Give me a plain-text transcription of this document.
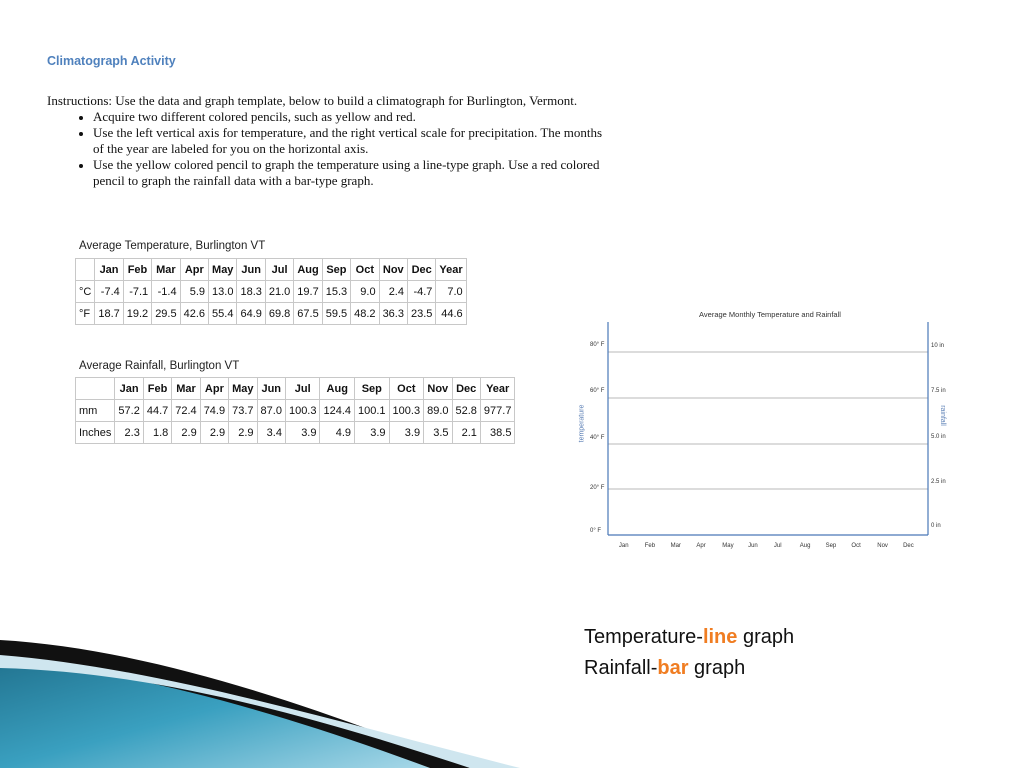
Climatograph Activity
Instructions: Use the data and graph template, below to build a climatograph for Burlington, Vermont.
• Acquire two different colored pencils, such as yellow and red.
• Use the left vertical axis for temperature, and the right vertical scale for precipitation. The months of the year are labeled for you on the horizontal axis.
• Use the yellow colored pencil to graph the temperature using a line-type graph. Use a red colored pencil to graph the rainfall data with a bar-type graph.
Average Temperature, Burlington VT
	Jan	Feb	Mar	Apr	May	Jun	Jul	Aug	Sep	Oct	Nov	Dec	Year
°C	-7.4	-7.1	-1.4	5.9	13.0	18.3	21.0	19.7	15.3	9.0	2.4	-4.7	7.0
°F	18.7	19.2	29.5	42.6	55.4	64.9	69.8	67.5	59.5	48.2	36.3	23.5	44.6
Average Rainfall, Burlington VT
	Jan	Feb	Mar	Apr	May	Jun	Jul	Aug	Sep	Oct	Nov	Dec	Year
mm	57.2	44.7	72.4	74.9	73.7	87.0	100.3	124.4	100.1	100.3	89.0	52.8	977.7
Inches	2.3	1.8	2.9	2.9	2.9	3.4	3.9	4.9	3.9	3.9	3.5	2.1	38.5
Average Monthly Temperature and Rainfall
temperature	rainfall
80° F
60° F
40° F
20° F
0° F
10 in
7.5 in
5.0 in
2.5 in
0 in
Jan	Feb	Mar	Apr	May Jun	Jul	Aug	Sep	Oct	Nov	Dec
Temperature-line graph
Rainfall-bar graph
